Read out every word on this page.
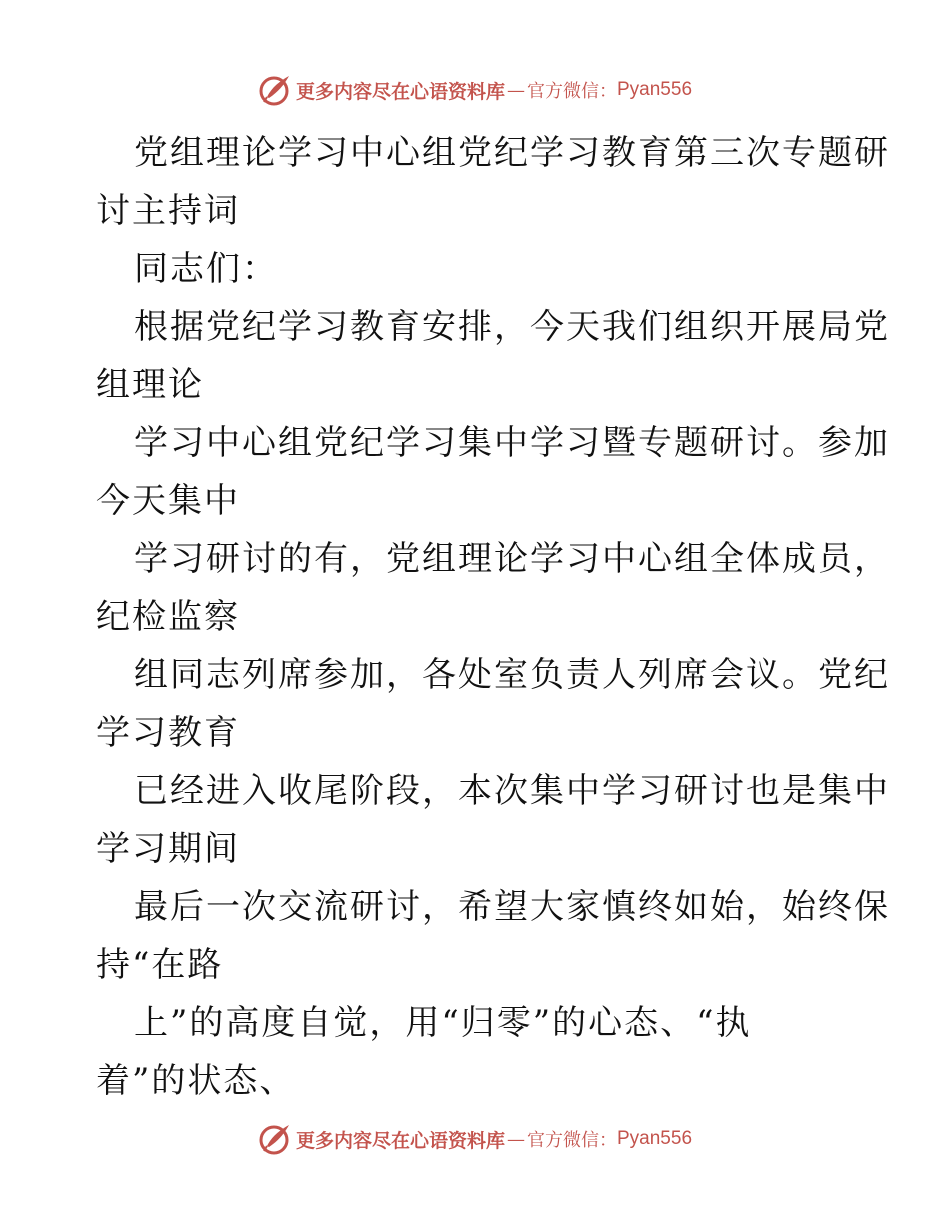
更多内容尽在心语资料库 — 官方微信： Pyan556
党组理论学习中心组党纪学习教育第三次专题研
讨主持词
同志们：
根据党纪学习教育安排，今天我们组织开展局党
组理论
学习中心组党纪学习集中学习暨专题研讨。参加
今天集中
学习研讨的有，党组理论学习中心组全体成员，
纪检监察
组同志列席参加，各处室负责人列席会议。党纪
学习教育
已经进入收尾阶段，本次集中学习研讨也是集中
学习期间
最后一次交流研讨，希望大家慎终如始，始终保
持“在路
上”的高度自觉，用“归零”的心态、“执
着”的状态、
更多内容尽在心语资料库 — 官方微信： Pyan556
